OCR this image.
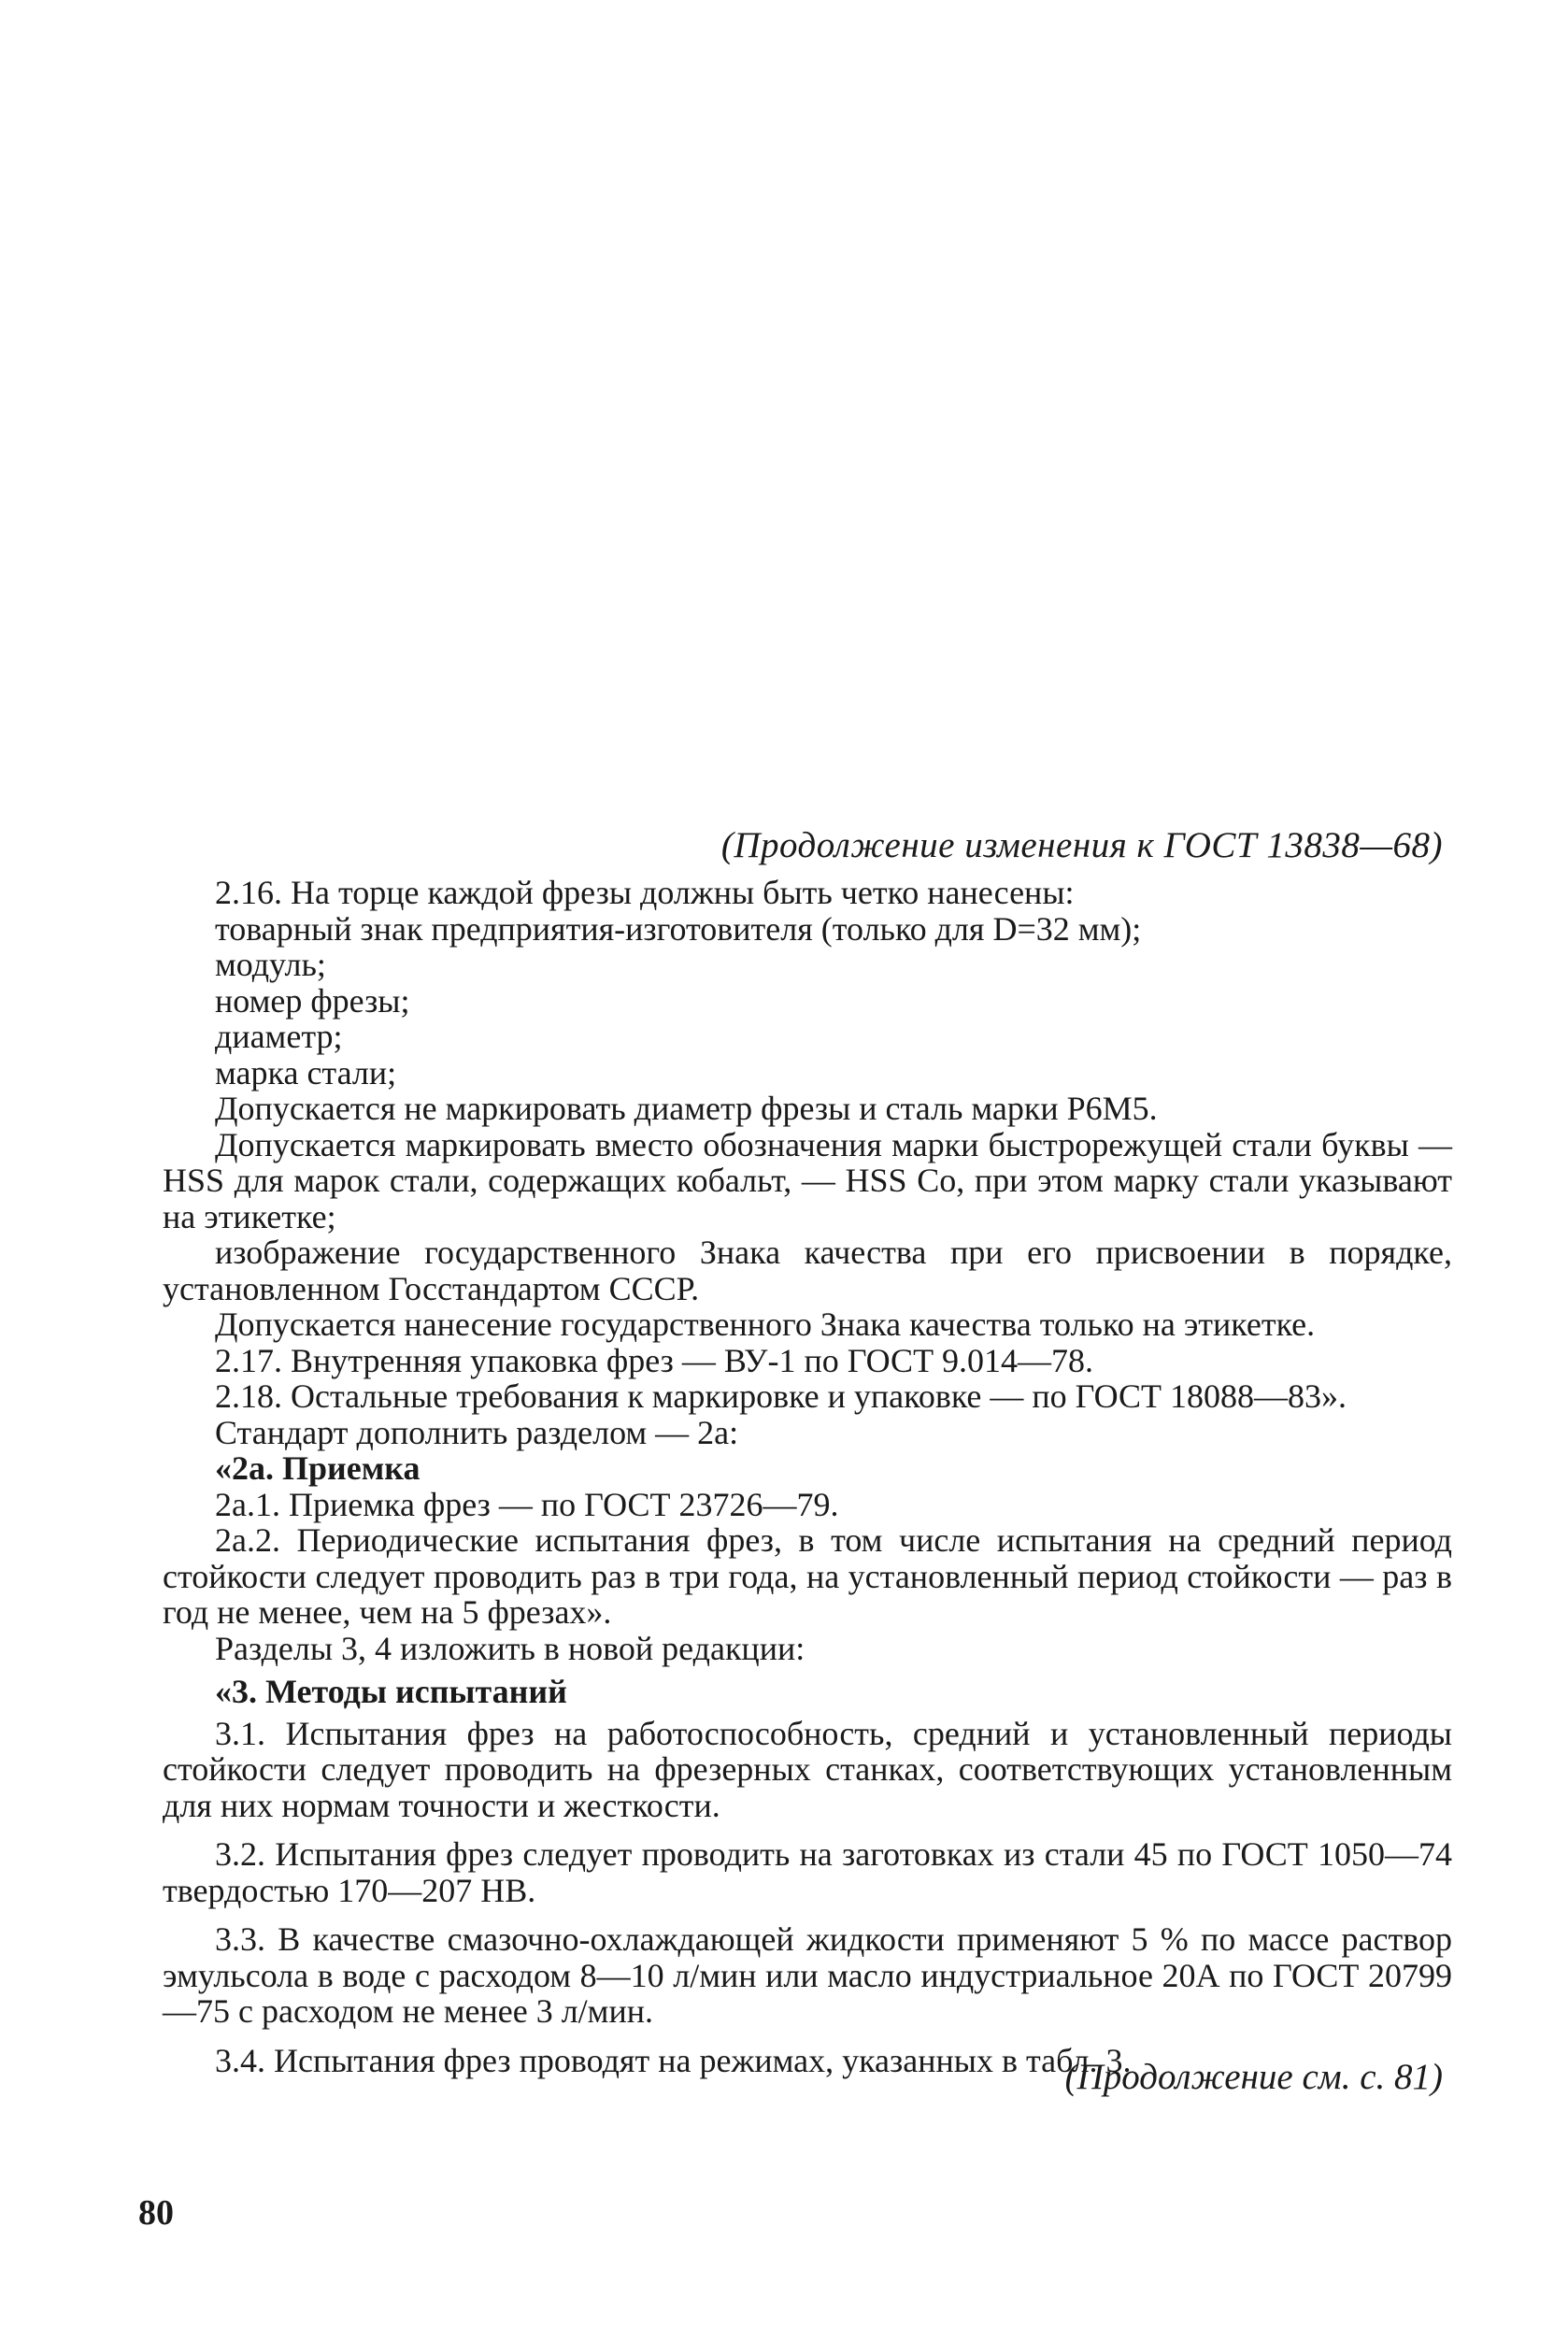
(Продолжение изменения к ГОСТ 13838—68)

2.16. На торце каждой фрезы должны быть четко нанесены:

товарный знак предприятия-изготовителя (только для D=32 мм);

модуль;

номер фрезы;

диаметр;

марка стали;

Допускается не маркировать диаметр фрезы и сталь марки Р6М5.

Допускается маркировать вместо обозначения марки быстрорежущей стали буквы — HSS для марок стали, содержащих кобальт, — HSS Co, при этом марку стали указывают на этикетке;

изображение государственного Знака качества при его присвоении в порядке, установленном Госстандартом СССР.

Допускается нанесение государственного Знака качества только на этикетке.

2.17. Внутренняя упаковка фрез — ВУ-1 по ГОСТ 9.014—78.

2.18. Остальные требования к маркировке и упаковке — по ГОСТ 18088—83».

Стандарт дополнить разделом — 2а:

«2а. Приемка

2а.1. Приемка фрез — по ГОСТ 23726—79.

2а.2. Периодические испытания фрез, в том числе испытания на средний период стойкости следует проводить раз в три года, на установленный период стойкости — раз в год не менее, чем на 5 фрезах».

Разделы 3, 4 изложить в новой редакции:

«3. Методы испытаний

3.1. Испытания фрез на работоспособность, средний и установленный периоды стойкости следует проводить на фрезерных станках, соответствующих установленным для них нормам точности и жесткости.

3.2. Испытания фрез следует проводить на заготовках из стали 45 по ГОСТ 1050—74 твердостью 170—207 НВ.

3.3. В качестве смазочно-охлаждающей жидкости применяют 5 % по массе раствор эмульсола в воде с расходом 8—10 л/мин или масло индустриальное 20А по ГОСТ 20799—75 с расходом не менее 3 л/мин.

3.4. Испытания фрез проводят на режимах, указанных в табл. 3.

(Продолжение см. с. 81)
80
